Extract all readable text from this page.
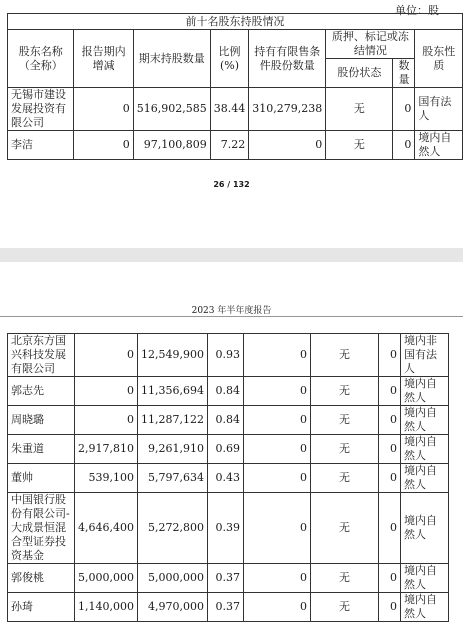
单位：股
前十名股东持股情况							
股东名称（全称）	报告期内增减	期末持股数量	比例(%)	持有有限售条件股份数量	质押、标记或冻结情况		股东性质
					股份状态	数量	
无锡市建设发展投资有限公司	0	516,902,585	38.44	310,279,238	无	0	国有法人
李洁	0	97,100,809	7.22	0	无	0	境内自然人
26 / 132
2023 年半年度报告
北京东方国兴科技发展有限公司	0	12,549,900	0.93	0	无	0	境内非国有法人
郭志先	0	11,356,694	0.84	0	无	0	境内自然人
周晓璐	0	11,287,122	0.84	0	无	0	境内自然人
朱重道	2,917,810	9,261,910	0.69	0	无	0	境内自然人
董帅	539,100	5,797,634	0.43	0	无	0	境内自然人
中国银行股份有限公司-大成景恒混合型证券投资基金	4,646,400	5,272,800	0.39	0	无	0	境内自然人
郭俊桃	5,000,000	5,000,000	0.37	0	无	0	境内自然人
孙琦	1,140,000	4,970,000	0.37	0	无	0	境内自然人
